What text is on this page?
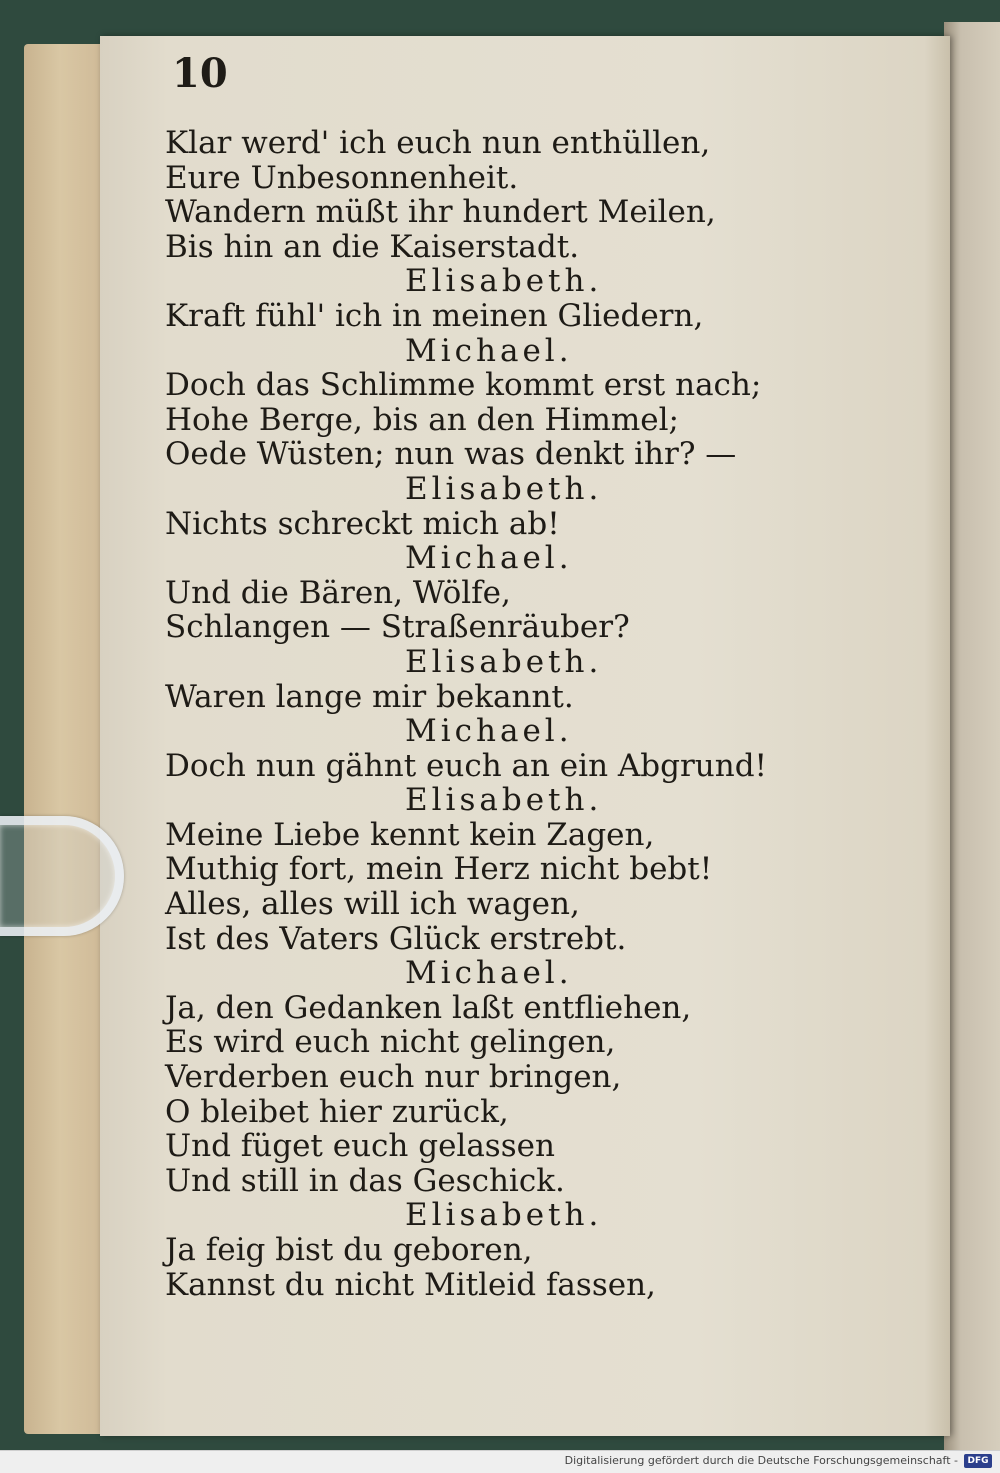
10
Klar werd' ich euch nun enthüllen,
Eure Unbesonnenheit.
Wandern müßt ihr hundert Meilen,
Bis hin an die Kaiserstadt.
Elisabeth.
Kraft fühl' ich in meinen Gliedern,
Michael.
Doch das Schlimme kommt erst nach;
Hohe Berge, bis an den Himmel;
Oede Wüsten; nun was denkt ihr? —
Elisabeth.
Nichts schreckt mich ab!
Michael.
Und die Bären, Wölfe,
Schlangen — Straßenräuber?
Elisabeth.
Waren lange mir bekannt.
Michael.
Doch nun gähnt euch an ein Abgrund!
Elisabeth.
Meine Liebe kennt kein Zagen,
Muthig fort, mein Herz nicht bebt!
Alles, alles will ich wagen,
Ist des Vaters Glück erstrebt.
Michael.
Ja, den Gedanken laßt entfliehen,
Es wird euch nicht gelingen,
Verderben euch nur bringen,
O bleibet hier zurück,
Und füget euch gelassen
Und still in das Geschick.
Elisabeth.
Ja feig bist du geboren,
Kannst du nicht Mitleid fassen,
Digitalisierung gefördert durch die Deutsche Forschungsgemeinschaft -	DFG
